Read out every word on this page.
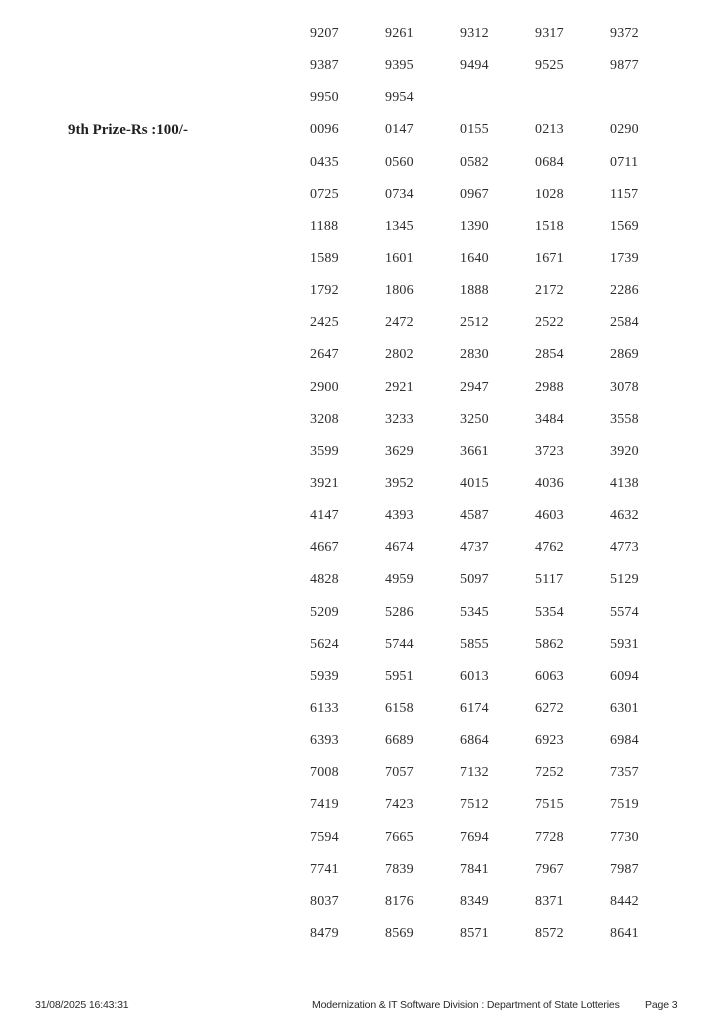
9207	9261	9312	9317	9372
9387	9395	9494	9525	9877
9950	9954
9th Prize-Rs :100/-	0096	0147	0155	0213	0290
0435	0560	0582	0684	0711
0725	0734	0967	1028	1157
1188	1345	1390	1518	1569
1589	1601	1640	1671	1739
1792	1806	1888	2172	2286
2425	2472	2512	2522	2584
2647	2802	2830	2854	2869
2900	2921	2947	2988	3078
3208	3233	3250	3484	3558
3599	3629	3661	3723	3920
3921	3952	4015	4036	4138
4147	4393	4587	4603	4632
4667	4674	4737	4762	4773
4828	4959	5097	5117	5129
5209	5286	5345	5354	5574
5624	5744	5855	5862	5931
5939	5951	6013	6063	6094
6133	6158	6174	6272	6301
6393	6689	6864	6923	6984
7008	7057	7132	7252	7357
7419	7423	7512	7515	7519
7594	7665	7694	7728	7730
7741	7839	7841	7967	7987
8037	8176	8349	8371	8442
8479	8569	8571	8572	8641
31/08/2025 16:43:31	Modernization & IT Software Division : Department of State Lotteries Page 3
